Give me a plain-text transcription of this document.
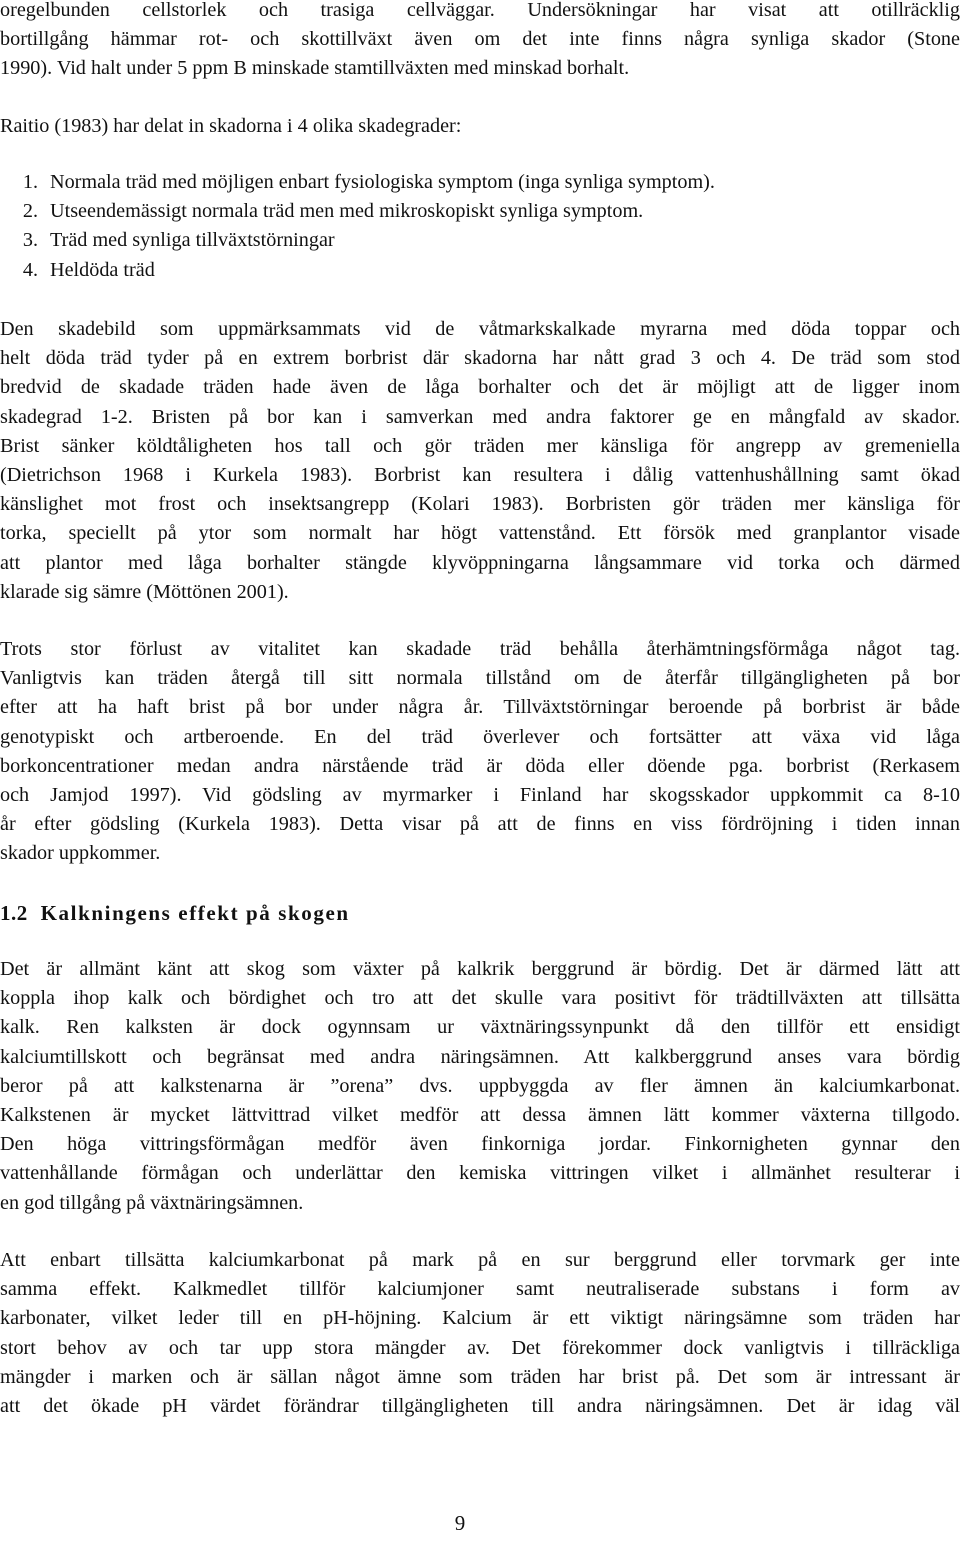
oregelbunden cellstorlek och trasiga cellväggar. Undersökningar har visat att otillräcklig
bortillgång hämmar rot- och skottillväxt även om det inte finns några synliga skador (Stone
1990). Vid halt under 5 ppm B minskade stamtillväxten med minskad borhalt.
Raitio (1983) har delat in skadorna i 4 olika skadegrader:
1. Normala träd med möjligen enbart fysiologiska symptom (inga synliga symptom).
2. Utseendemässigt normala träd men med mikroskopiskt synliga symptom.
3. Träd med synliga tillväxtstörningar
4. Heldöda träd
Den skadebild som uppmärksammats vid de våtmarkskalkade myrarna med döda toppar och
helt döda träd tyder på en extrem borbrist där skadorna har nått grad 3 och 4. De träd som stod
bredvid de skadade träden hade även de låga borhalter och det är möjligt att de ligger inom
skadegrad 1-2. Bristen på bor kan i samverkan med andra faktorer ge en mångfald av skador.
Brist sänker köldtåligheten hos tall och gör träden mer känsliga för angrepp av gremeniella
(Dietrichson 1968 i Kurkela 1983). Borbrist kan resultera i dålig vattenhushållning samt ökad
känslighet mot frost och insektsangrepp (Kolari 1983). Borbristen gör träden mer känsliga för
torka, speciellt på ytor som normalt har högt vattenstånd. Ett försök med granplantor visade
att plantor med låga borhalter stängde klyvöppningarna långsammare vid torka och därmed
klarade sig sämre (Möttönen 2001).
Trots stor förlust av vitalitet kan skadade träd behålla återhämtningsförmåga något tag.
Vanligtvis kan träden återgå till sitt normala tillstånd om de återfår tillgängligheten på bor
efter att ha haft brist på bor under några år. Tillväxtstörningar beroende på borbrist är både
genotypiskt och artberoende. En del träd överlever och fortsätter att växa vid låga
borkoncentrationer medan andra närstående träd är döda eller döende pga. borbrist (Rerkasem
och Jamjod 1997). Vid gödsling av myrmarker i Finland har skogsskador uppkommit ca 8-10
år efter gödsling (Kurkela 1983). Detta visar på att de finns en viss fördröjning i tiden innan
skador uppkommer.
1.2 Kalkningens effekt på skogen
Det är allmänt känt att skog som växter på kalkrik berggrund är bördig. Det är därmed lätt att
koppla ihop kalk och bördighet och tro att det skulle vara positivt för trädtillväxten att tillsätta
kalk. Ren kalksten är dock ogynnsam ur växtnäringssynpunkt då den tillför ett ensidigt
kalciumtillskott och begränsat med andra näringsämnen. Att kalkberggrund anses vara bördig
beror på att kalkstenarna är ”orena” dvs. uppbyggda av fler ämnen än kalciumkarbonat.
Kalkstenen är mycket lättvittrad vilket medför att dessa ämnen lätt kommer växterna tillgodo.
Den höga vittringsförmågan medför även finkorniga jordar. Finkornigheten gynnar den
vattenhållande förmågan och underlättar den kemiska vittringen vilket i allmänhet resulterar i
en god tillgång på växtnäringsämnen.
Att enbart tillsätta kalciumkarbonat på mark på en sur berggrund eller torvmark ger inte
samma effekt. Kalkmedlet tillför kalciumjoner samt neutraliserade substans i form av
karbonater, vilket leder till en pH-höjning. Kalcium är ett viktigt näringsämne som träden har
stort behov av och tar upp stora mängder av. Det förekommer dock vanligtvis i tillräckliga
mängder i marken och är sällan något ämne som träden har brist på. Det som är intressant är
att det ökade pH värdet förändrar tillgängligheten till andra näringsämnen. Det är idag väl
9
